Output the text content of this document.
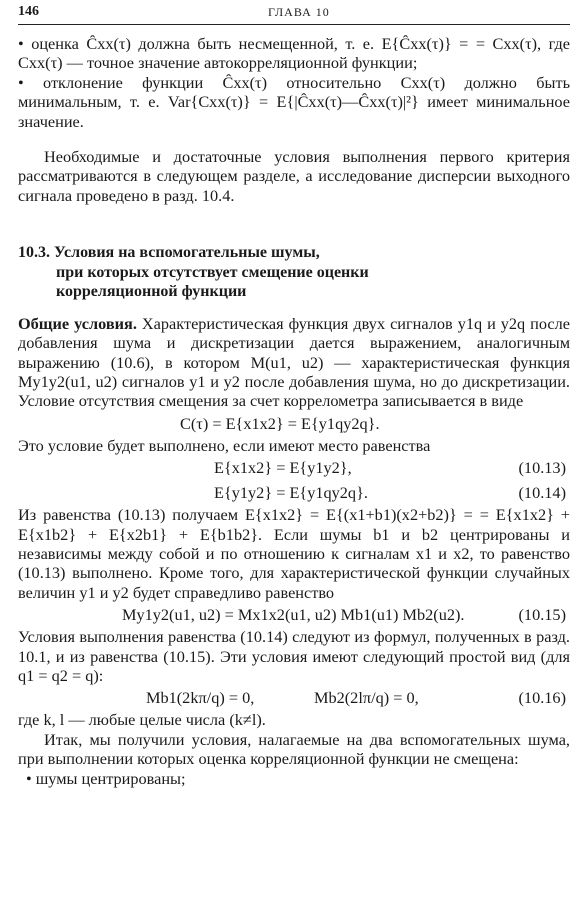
146	ГЛАВА 10

• оценка Ĉxx(τ) должна быть несмещенной, т. е. E{Ĉxx(τ)} = = Cxx(τ), где Cxx(τ) — точное значение автокорреляционной функции;

• отклонение функции Ĉxx(τ) относительно Cxx(τ) должно быть минимальным, т. е. Var{Cxx(τ)} = E{|Ĉxx(τ)—Ĉxx(τ)|²} имеет минимальное значение.

Необходимые и достаточные условия выполнения первого критерия рассматриваются в следующем разделе, а исследование дисперсии выходного сигнала проведено в разд. 10.4.

10.3. Условия на вспомогательные шумы,
при которых отсутствует смещение оценки
корреляционной функции

Общие условия. Характеристическая функция двух сигналов y1q и y2q после добавления шума и дискретизации дается выражением, аналогичным выражению (10.6), в котором M(u1, u2) — характеристическая функция My1y2(u1, u2) сигналов y1 и y2 после добавления шума, но до дискретизации. Условие отсутствия смещения за счет коррелометра записывается в виде

C(τ) = E{x1x2} = E{y1qy2q}.

Это условие будет выполнено, если имеют место равенства

E{x1x2} = E{y1y2},	(10.13)
E{y1y2} = E{y1qy2q}.	(10.14)

Из равенства (10.13) получаем E{x1x2} = E{(x1+b1)(x2+b2)} = = E{x1x2} + E{x1b2} + E{x2b1} + E{b1b2}. Если шумы b1 и b2 центрированы и независимы между собой и по отношению к сигналам x1 и x2, то равенство (10.13) выполнено. Кроме того, для характеристической функции случайных величин y1 и y2 будет справедливо равенство

My1y2(u1, u2) = Mx1x2(u1, u2) Mb1(u1) Mb2(u2).	(10.15)

Условия выполнения равенства (10.14) следуют из формул, полученных в разд. 10.1, и из равенства (10.15). Эти условия имеют следующий простой вид (для q1 = q2 = q):

Mb1(2kπ/q) = 0,	Mb2(2lπ/q) = 0,	(10.16)

где k, l — любые целые числа (k≠l).

Итак, мы получили условия, налагаемые на два вспомогательных шума, при выполнении которых оценка корреляционной функции не смещена:

• шумы центрированы;
